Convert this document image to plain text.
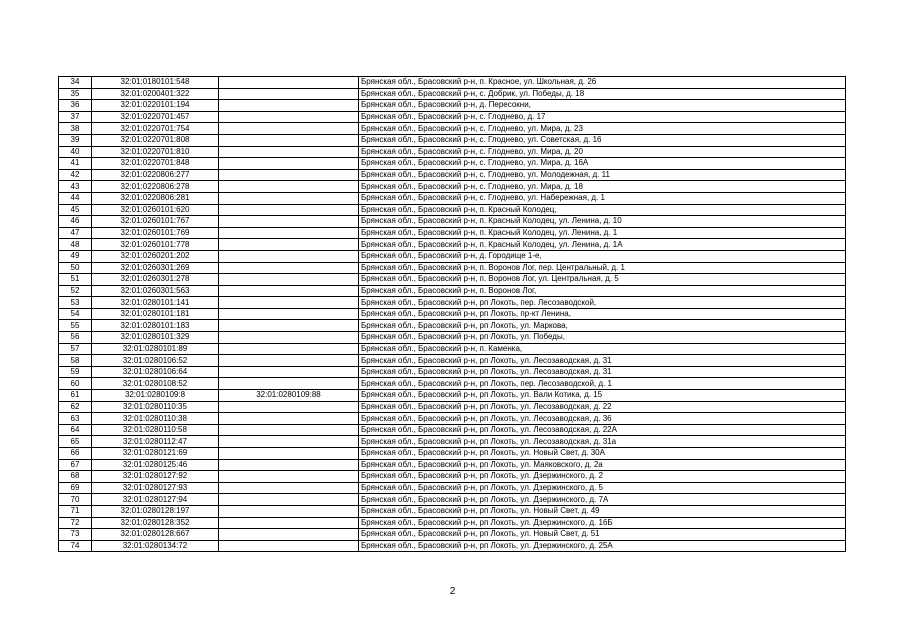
34	32:01:0180101:548		Брянская обл., Брасовский р-н, п. Красное, ул. Школьная, д. 26
35	32:01:0200401:322		Брянская обл., Брасовский р-н, с. Добрик, ул. Победы, д. 18
36	32:01:0220101:194		Брянская обл., Брасовский р-н, д. Пересокни,
37	32:01:0220701:457		Брянская обл., Брасовский р-н, с. Глоднево, д. 17
38	32:01:0220701:754		Брянская обл., Брасовский р-н, с. Глоднево, ул. Мира, д. 23
39	32:01:0220701:808		Брянская обл., Брасовский р-н, с. Глоднево, ул. Советская, д. 16
40	32:01:0220701:810		Брянская обл., Брасовский р-н, с. Глоднево, ул. Мира, д. 20
41	32:01:0220701:848		Брянская обл., Брасовский р-н, с. Глоднево, ул. Мира, д. 16А
42	32:01:0220806:277		Брянская обл., Брасовский р-н, с. Глоднево, ул. Молодежная, д. 11
43	32:01:0220806:278		Брянская обл., Брасовский р-н, с. Глоднево, ул. Мира, д. 18
44	32:01:0220806:281		Брянская обл., Брасовский р-н, с. Глоднево, ул. Набережная, д. 1
45	32:01:0260101:620		Брянская обл., Брасовский р-н, п. Красный Колодец,
46	32:01:0260101:767		Брянская обл., Брасовский р-н, п. Красный Колодец, ул. Ленина, д. 10
47	32:01:0260101:769		Брянская обл., Брасовский р-н, п. Красный Колодец, ул. Ленина, д. 1
48	32:01:0260101:778		Брянская обл., Брасовский р-н, п. Красный Колодец, ул. Ленина, д. 1А
49	32:01:0260201:202		Брянская обл., Брасовский р-н, д. Городище 1-е,
50	32:01:0260301:269		Брянская обл., Брасовский р-н, п. Воронов Лог, пер. Центральный, д. 1
51	32:01:0260301:278		Брянская обл., Брасовский р-н, п. Воронов Лог, ул. Центральная, д. 5
52	32:01:0260301:563		Брянская обл., Брасовский р-н, п. Воронов Лог,
53	32:01:0280101:141		Брянская обл., Брасовский р-н, рп Локоть, пер. Лесозаводской,
54	32:01:0280101:181		Брянская обл., Брасовский р-н, рп Локоть, пр-кт Ленина,
55	32:01:0280101:183		Брянская обл., Брасовский р-н, рп Локоть, ул. Маркова,
56	32:01:0280101:329		Брянская обл., Брасовский р-н, рп Локоть, ул. Победы,
57	32:01:0280101:89		Брянская обл., Брасовский р-н, п. Каменка,
58	32:01:0280106:52		Брянская обл., Брасовский р-н, рп Локоть, ул. Лесозаводская, д. 31
59	32:01:0280106:64		Брянская обл., Брасовский р-н, рп Локоть, ул. Лесозаводская, д. 31
60	32:01:0280108:52		Брянская обл., Брасовский р-н, рп Локоть, пер. Лесозаводской, д. 1
61	32:01:0280109:8	32:01:0280109:88	Брянская обл., Брасовский р-н, рп Локоть, ул. Вали Котика, д. 15
62	32:01:0280110:35		Брянская обл., Брасовский р-н, рп Локоть, ул. Лесозаводская, д. 22
63	32:01:0280110:38		Брянская обл., Брасовский р-н, рп Локоть, ул. Лесозаводская, д. 36
64	32:01:0280110:58		Брянская обл., Брасовский р-н, рп Локоть, ул. Лесозаводская, д. 22А
65	32:01:0280112:47		Брянская обл., Брасовский р-н, рп Локоть, ул. Лесозаводская, д. 31а
66	32:01:0280121:69		Брянская обл., Брасовский р-н, рп Локоть, ул. Новый Свет, д. 30А
67	32:01:0280125:46		Брянская обл., Брасовский р-н, рп Локоть, ул. Маяковского, д. 2а
68	32:01:0280127:92		Брянская обл., Брасовский р-н, рп Локоть, ул. Дзержинского, д. 2
69	32:01:0280127:93		Брянская обл., Брасовский р-н, рп Локоть, ул. Дзержинского, д. 5
70	32:01:0280127:94		Брянская обл., Брасовский р-н, рп Локоть, ул. Дзержинского, д. 7А
71	32:01:0280128:197		Брянская обл., Брасовский р-н, рп Локоть, ул. Новый Свет, д. 49
72	32:01:0280128:352		Брянская обл., Брасовский р-н, рп Локоть, ул. Дзержинского, д. 16Б
73	32:01:0280128:667		Брянская обл., Брасовский р-н, рп Локоть, ул. Новый Свет, д. 51
74	32:01:0280134:72		Брянская обл., Брасовский р-н, рп Локоть, ул. Дзержинского, д. 25А
2
